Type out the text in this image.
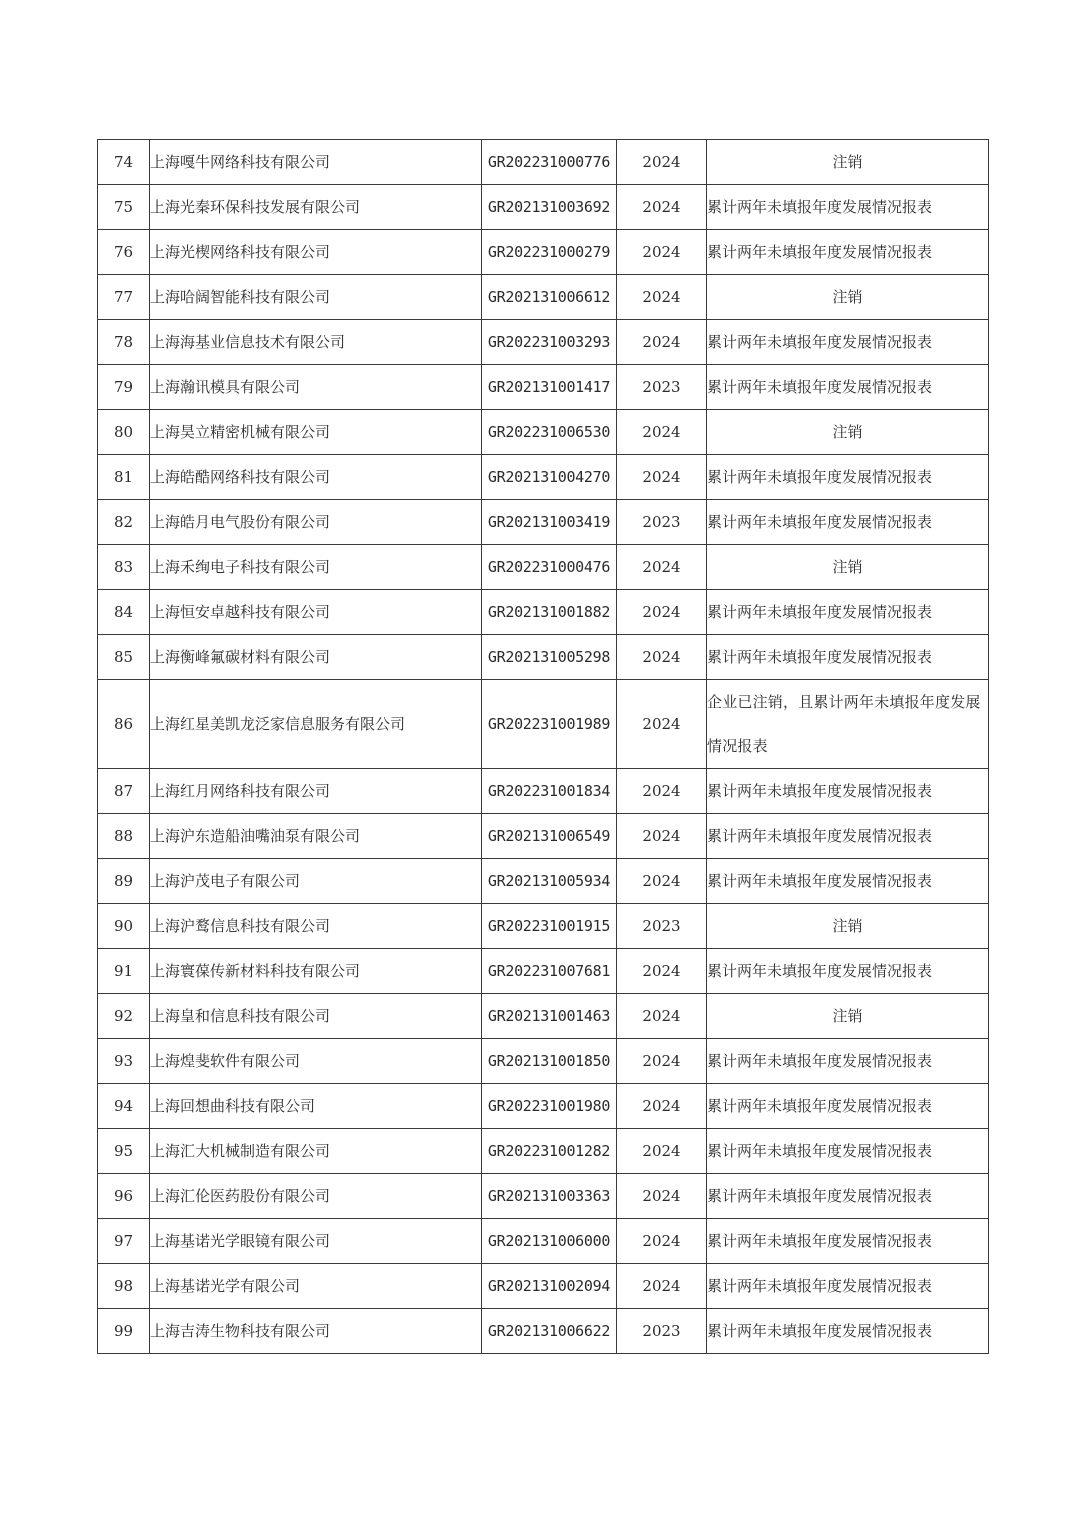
74	上海嘎牛网络科技有限公司	GR202231000776	2024	注销
75	上海光秦环保科技发展有限公司	GR202131003692	2024	累计两年未填报年度发展情况报表
76	上海光楔网络科技有限公司	GR202231000279	2024	累计两年未填报年度发展情况报表
77	上海哈阔智能科技有限公司	GR202131006612	2024	注销
78	上海海基业信息技术有限公司	GR202231003293	2024	累计两年未填报年度发展情况报表
79	上海瀚讯模具有限公司	GR202131001417	2023	累计两年未填报年度发展情况报表
80	上海昊立精密机械有限公司	GR202231006530	2024	注销
81	上海皓酷网络科技有限公司	GR202131004270	2024	累计两年未填报年度发展情况报表
82	上海皓月电气股份有限公司	GR202131003419	2023	累计两年未填报年度发展情况报表
83	上海禾绚电子科技有限公司	GR202231000476	2024	注销
84	上海恒安卓越科技有限公司	GR202131001882	2024	累计两年未填报年度发展情况报表
85	上海衡峰氟碳材料有限公司	GR202131005298	2024	累计两年未填报年度发展情况报表
86	上海红星美凯龙泛家信息服务有限公司	GR202231001989	2024	企业已注销，且累计两年未填报年度发展情况报表
87	上海红月网络科技有限公司	GR202231001834	2024	累计两年未填报年度发展情况报表
88	上海沪东造船油嘴油泵有限公司	GR202131006549	2024	累计两年未填报年度发展情况报表
89	上海沪茂电子有限公司	GR202131005934	2024	累计两年未填报年度发展情况报表
90	上海沪鹜信息科技有限公司	GR202231001915	2023	注销
91	上海寰葆传新材料科技有限公司	GR202231007681	2024	累计两年未填报年度发展情况报表
92	上海皇和信息科技有限公司	GR202131001463	2024	注销
93	上海煌斐软件有限公司	GR202131001850	2024	累计两年未填报年度发展情况报表
94	上海回想曲科技有限公司	GR202231001980	2024	累计两年未填报年度发展情况报表
95	上海汇大机械制造有限公司	GR202231001282	2024	累计两年未填报年度发展情况报表
96	上海汇伦医药股份有限公司	GR202131003363	2024	累计两年未填报年度发展情况报表
97	上海基诺光学眼镜有限公司	GR202131006000	2024	累计两年未填报年度发展情况报表
98	上海基诺光学有限公司	GR202131002094	2024	累计两年未填报年度发展情况报表
99	上海吉涛生物科技有限公司	GR202131006622	2023	累计两年未填报年度发展情况报表
